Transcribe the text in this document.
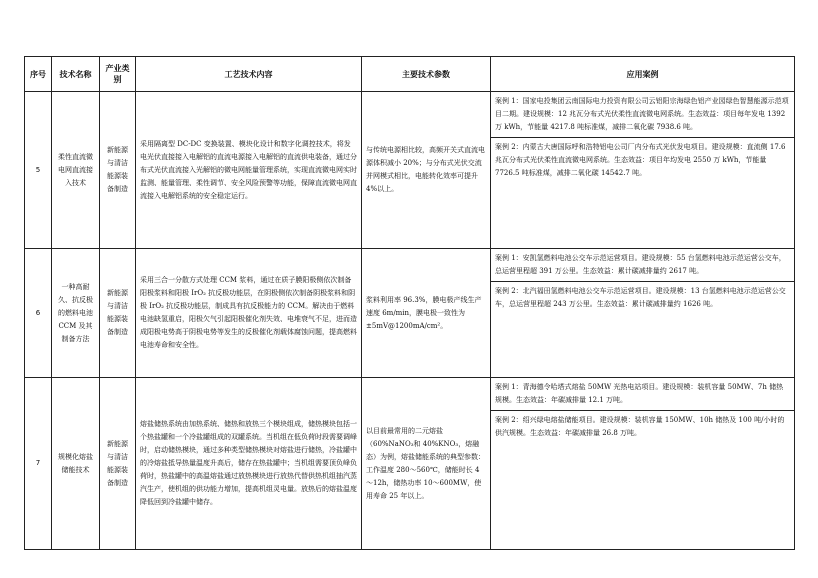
序号	技术名称	产业类别	工艺技术内容	主要技术参数	应用案例
5	柔性直流微电网直流接入技术	新能源与清洁能源装备制造	采用隔离型 DC-DC 变换装置、模块化设计和数字化调控技术，将发电光伏直接接入电解铝的直流电源接入电解铝的直流供电装备，通过分布式光伏直流接入光解铝的微电网能量管理系统，实现直流微电网实时监测、能量管理、柔性调节、安全风险预警等功能，保障直流微电网直流接入电解铝系统的安全稳定运行。	与传统电源相比较，高频开关式直流电源体积减小 20%；与分布式光伏交流并网模式相比，电能转化效率可提升 4%以上。	案例 1：国家电投集团云南国际电力投资有限公司云铝阳宗海绿色铝产业园绿色智慧能源示范项目二期。建设规模：12 兆瓦分布式光伏柔性直流微电网系统。生态效益：项目每年发电 1392 万 kWh，节能量 4217.8 吨标准煤，减排二氧化碳 7938.6 吨。
案例 2：内蒙古大唐国际呼和浩特铝电公司厂内分布式光伏发电项目。建设规模：直流侧 17.6 兆瓦分布式光伏柔性直流微电网系统。生态效益：项目年均发电 2550 万 kWh，节能量 7726.5 吨标准煤，减排二氧化碳 14542.7 吨。

6	一种高耐久、抗反极的燃料电池 CCM 及其制备方法	新能源与清洁能源装备制造	采用三合一分散方式处理 CCM 浆料，通过在质子膜阳极侧依次制备阳极浆料和阳极 IrO₂ 抗反极功能层，在阴极侧依次制备阴极浆料和阴极 IrO₂ 抗反极功能层，制成具有抗反极能力的 CCM。解决由于燃料电池缺氢重启，阳极欠气引起阳极催化剂失效、电堆衰气不足，进而造成阳极电势高于阴极电势等发生的反极催化剂载体腐蚀问题，提高燃料电池寿命和安全性。	浆料利用率 96.3%，膜电极产线生产速度 6m/min，膜电极一致性为±5mV@1200mA/cm²。	案例 1：安凯氢燃料电池公交车示范运营项目。建设规模：55 台氢燃料电池示范运营公交车，总运营里程超 391 万公里。生态效益：累计碳减排量约 2617 吨。
案例 2：北汽福田氢燃料电池公交车示范运营项目。建设规模：13 台氢燃料电池示范运营公交车，总运营里程超 243 万公里。生态效益：累计碳减排量约 1626 吨。

7	规模化熔盐储能技术	新能源与清洁能源装备制造	熔盐储热系统由加热系统、储热和放热三个模块组成，储热模块包括一个热盐罐和一个冷盐罐组成的双罐系统。当机组在低负荷时段需要调峰时，启动储热模块，通过多种类型储热模块对熔盐进行储热，冷盐罐中的冷熔盐抵导热量温度升高后，储存在热盐罐中；当机组需要顶负峰负荷时，热盐罐中的高温熔盐通过放热模块进行放热代替供热机组抽汽蒸汽生产，使机组的供功能力增加，提高机组灵电量。放热后的熔盐温度降低回到冷盐罐中储存。	以目前最常用的二元熔盐（60%NaNO₃和 40%KNO₃，熔融态）为例，熔盐储能系统的典型参数：工作温度 280～560℃，储能时长 4～12h，储热功率 10～600MW，使用寿命 25 年以上。	案例 1：青海德令哈塔式熔盐 50MW 光热电站项目。建设规模：装机容量 50MW、7h 储热规模。生态效益：年碳减排量 12.1 万吨。
案例 2：绍兴绿电熔盐储能项目。建设规模：装机容量 150MW、10h 储热及 100 吨/小时的供汽规模。生态效益：年碳减排量 26.8 万吨。
